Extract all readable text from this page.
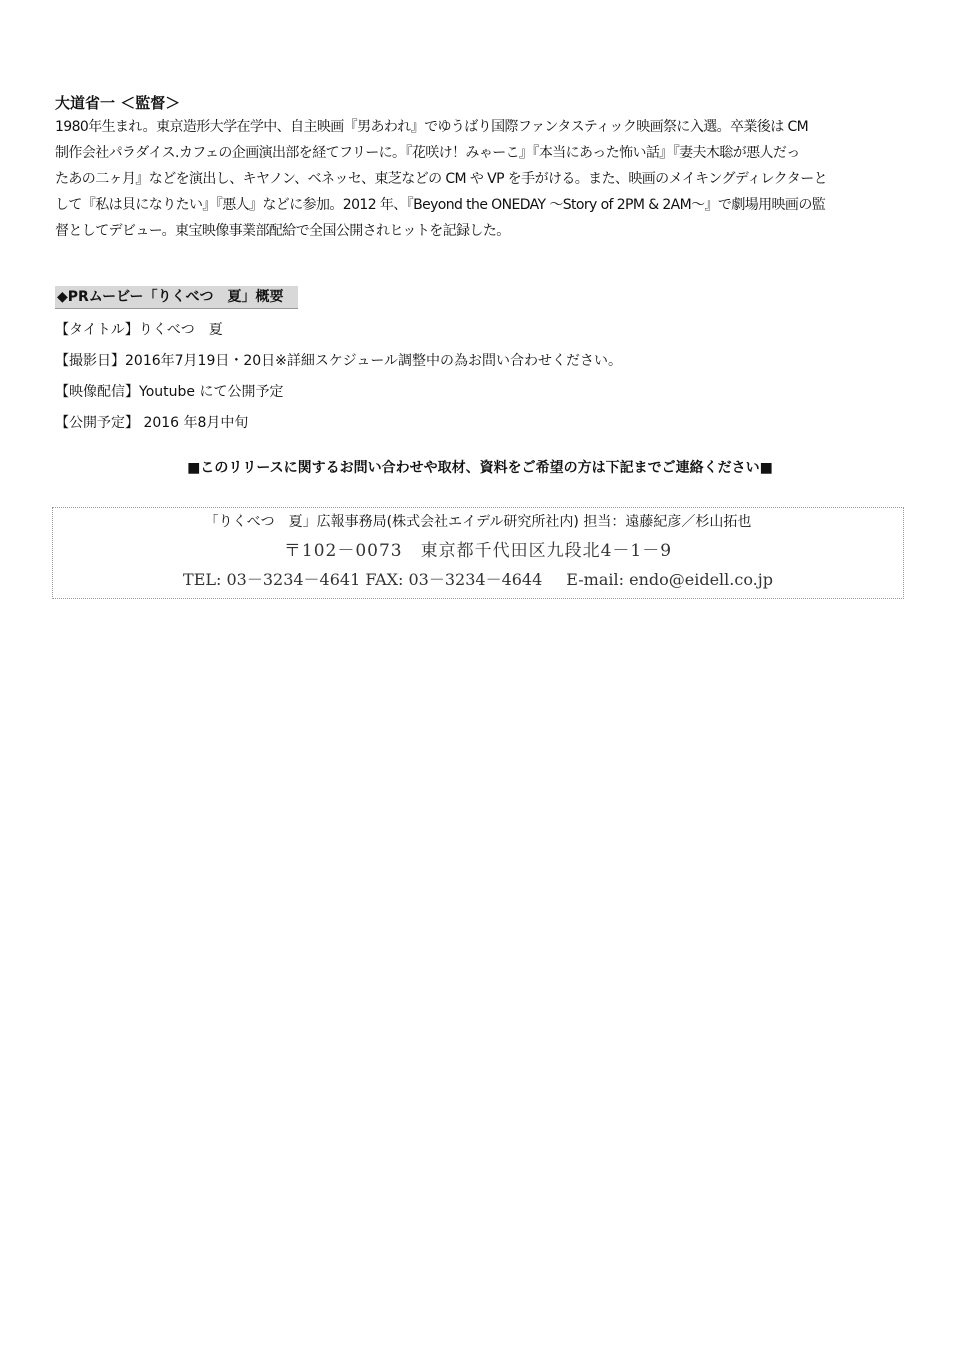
大道省一 ＜監督＞
1980年生まれ。東京造形大学在学中、自主映画『男あわれ』でゆうばり国際ファンタスティック映画祭に入選。卒業後は CM
制作会社パラダイス.カフェの企画演出部を経てフリーに。『花咲け！みゃーこ』『本当にあった怖い話』『妻夫木聡が悪人だっ
たあの二ヶ月』などを演出し、キヤノン、ベネッセ、東芝などの CM や VP を手がける。また、映画のメイキングディレクターと
して『私は貝になりたい』『悪人』などに参加。2012 年、『Beyond the ONEDAY 〜Story of 2PM & 2AM〜』で劇場用映画の監
督としてデビュー。東宝映像事業部配給で全国公開されヒットを記録した。
◆PRムービー「りくべつ　夏」概要
【タイトル】りくべつ　夏
【撮影日】2016年7月19日・20日※詳細スケジュール調整中の為お問い合わせください。
【映像配信】Youtube にて公開予定
【公開予定】 2016 年8月中旬
■このリリースに関するお問い合わせや取材、資料をご希望の方は下記までご連絡ください■
「りくべつ　夏」広報事務局(株式会社エイデル研究所社内) 担当：遠藤紀彦／杉山拓也
〒102－0073　東京都千代田区九段北4－1－9
TEL: 03－3234－4641 FAX: 03－3234－4644 E-mail: endo@eidell.co.jp
